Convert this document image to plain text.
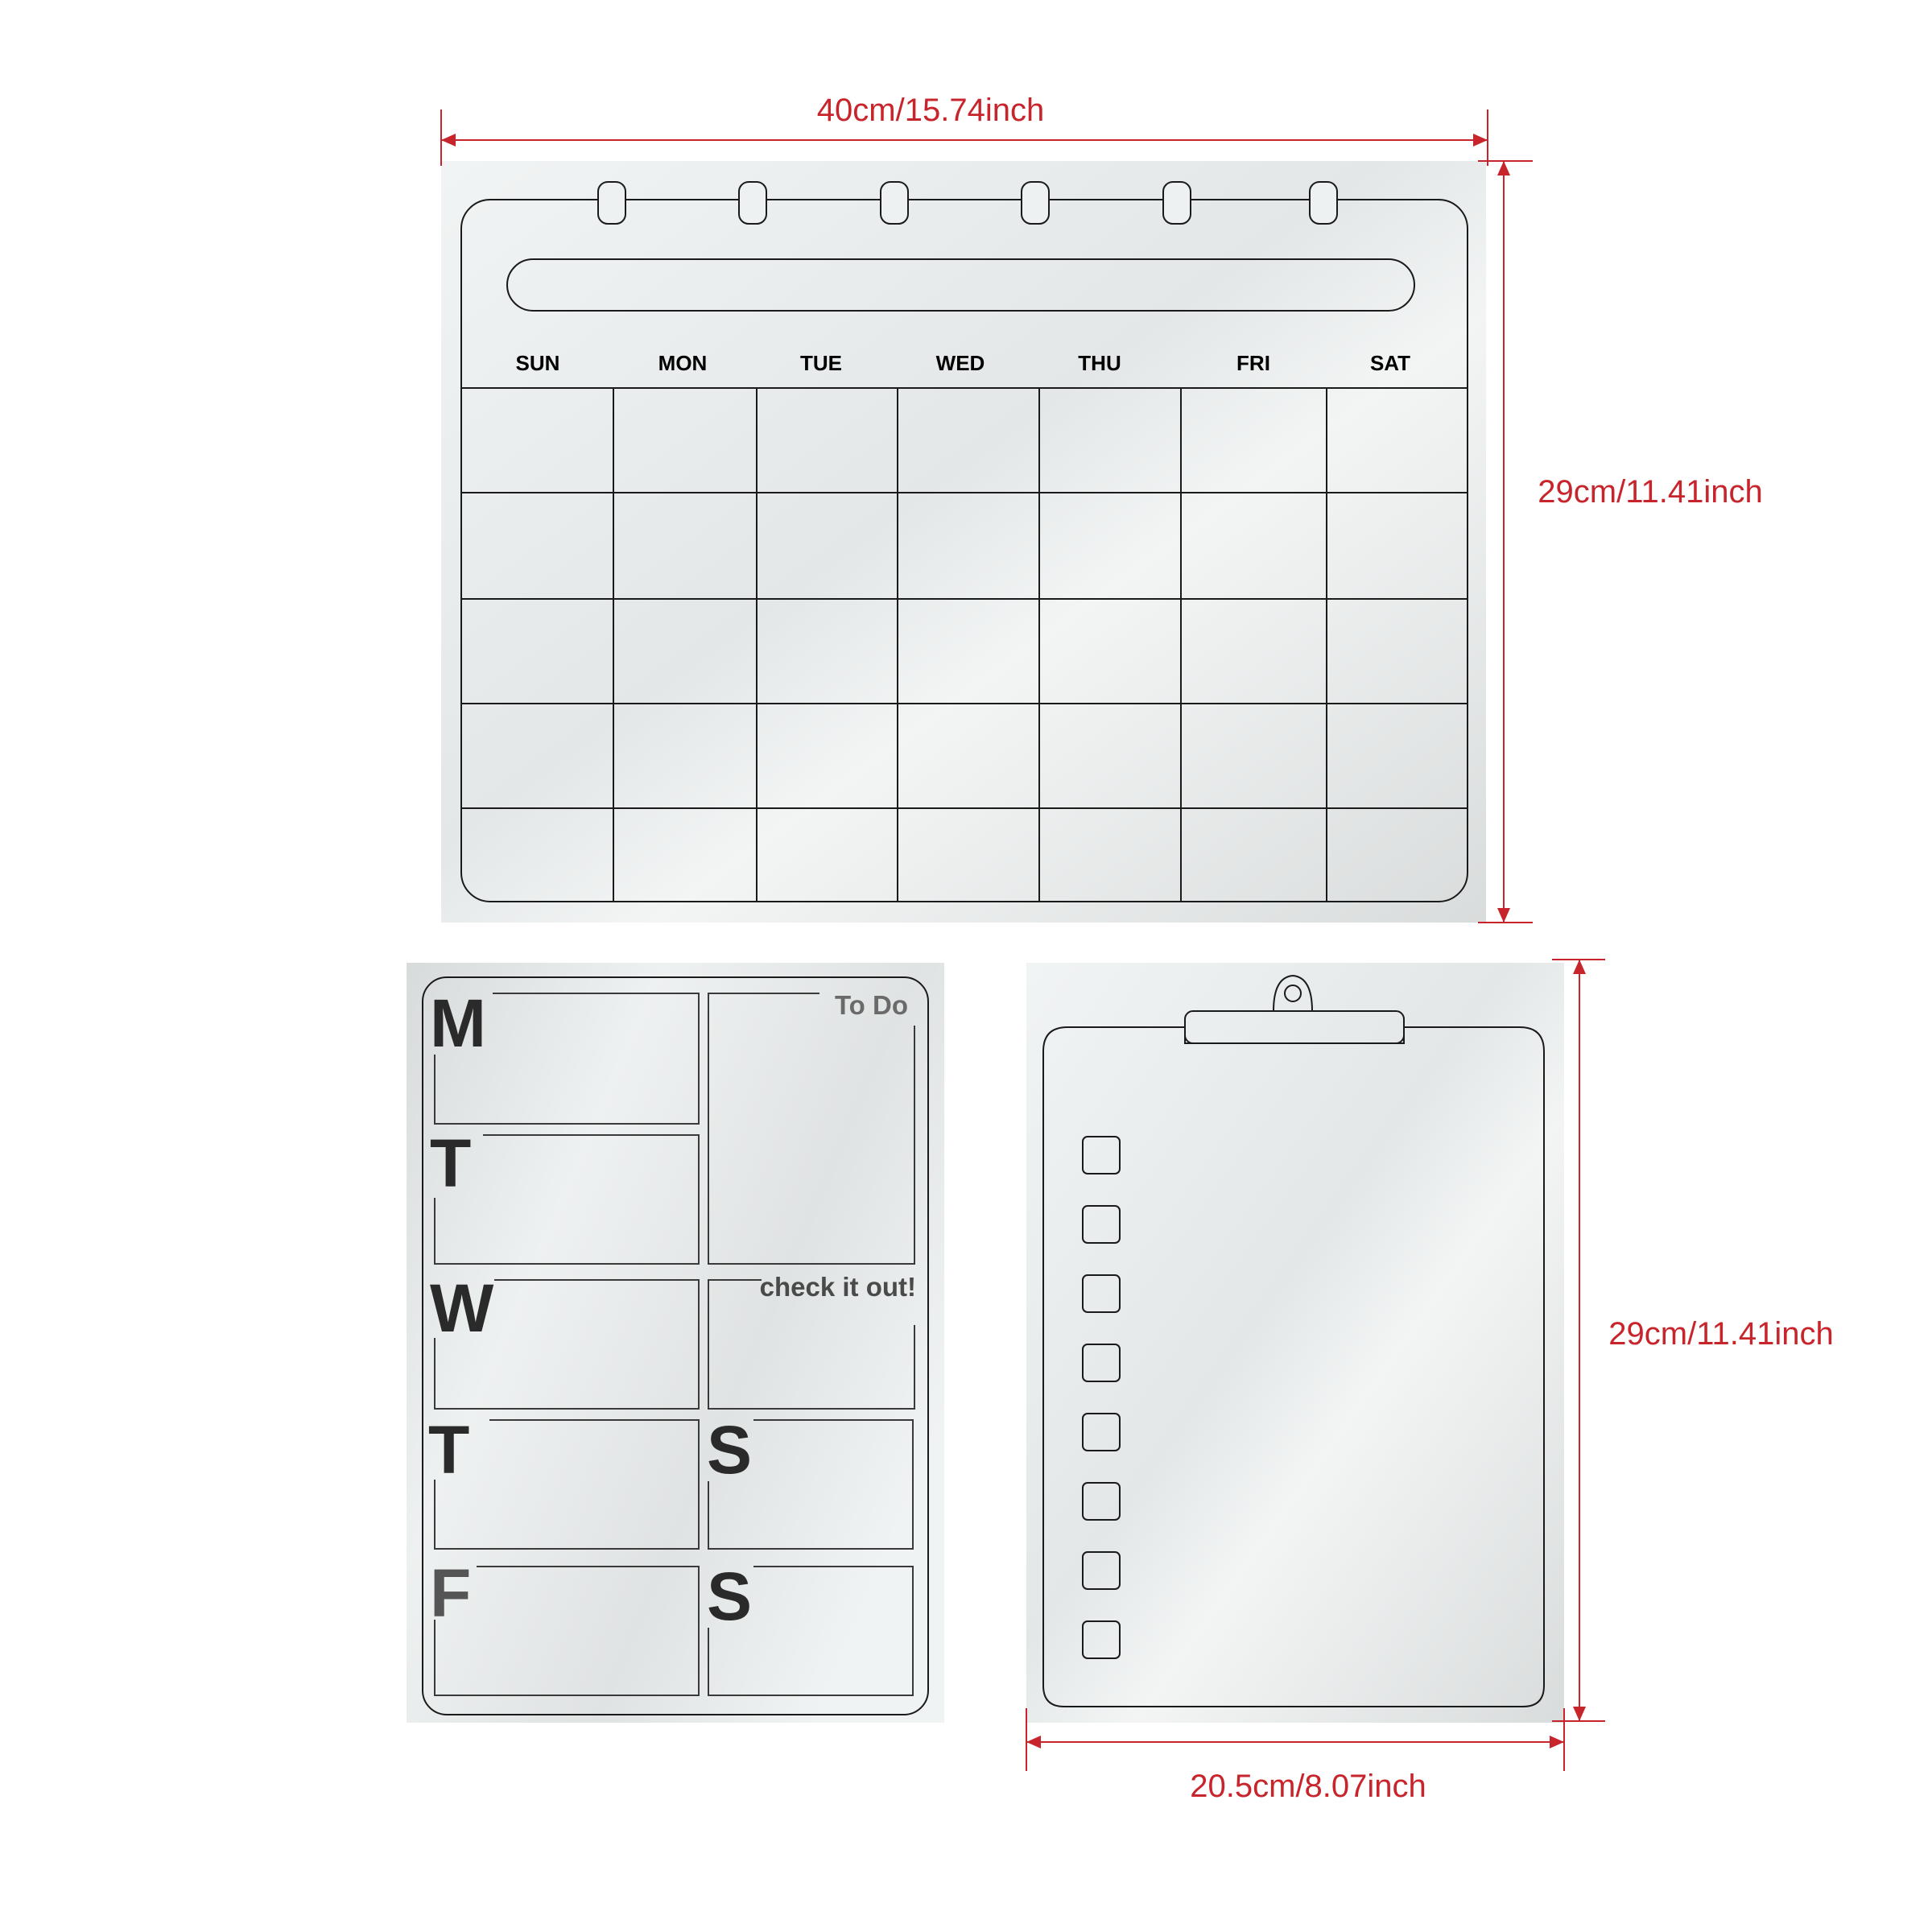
SUN	MON	TUE	WED	THU	FRI	SAT
40cm/15.74inch
29cm/11.41inch
M
T
W
T
F
S
S
To Do
check it out!
29cm/11.41inch
20.5cm/8.07inch
